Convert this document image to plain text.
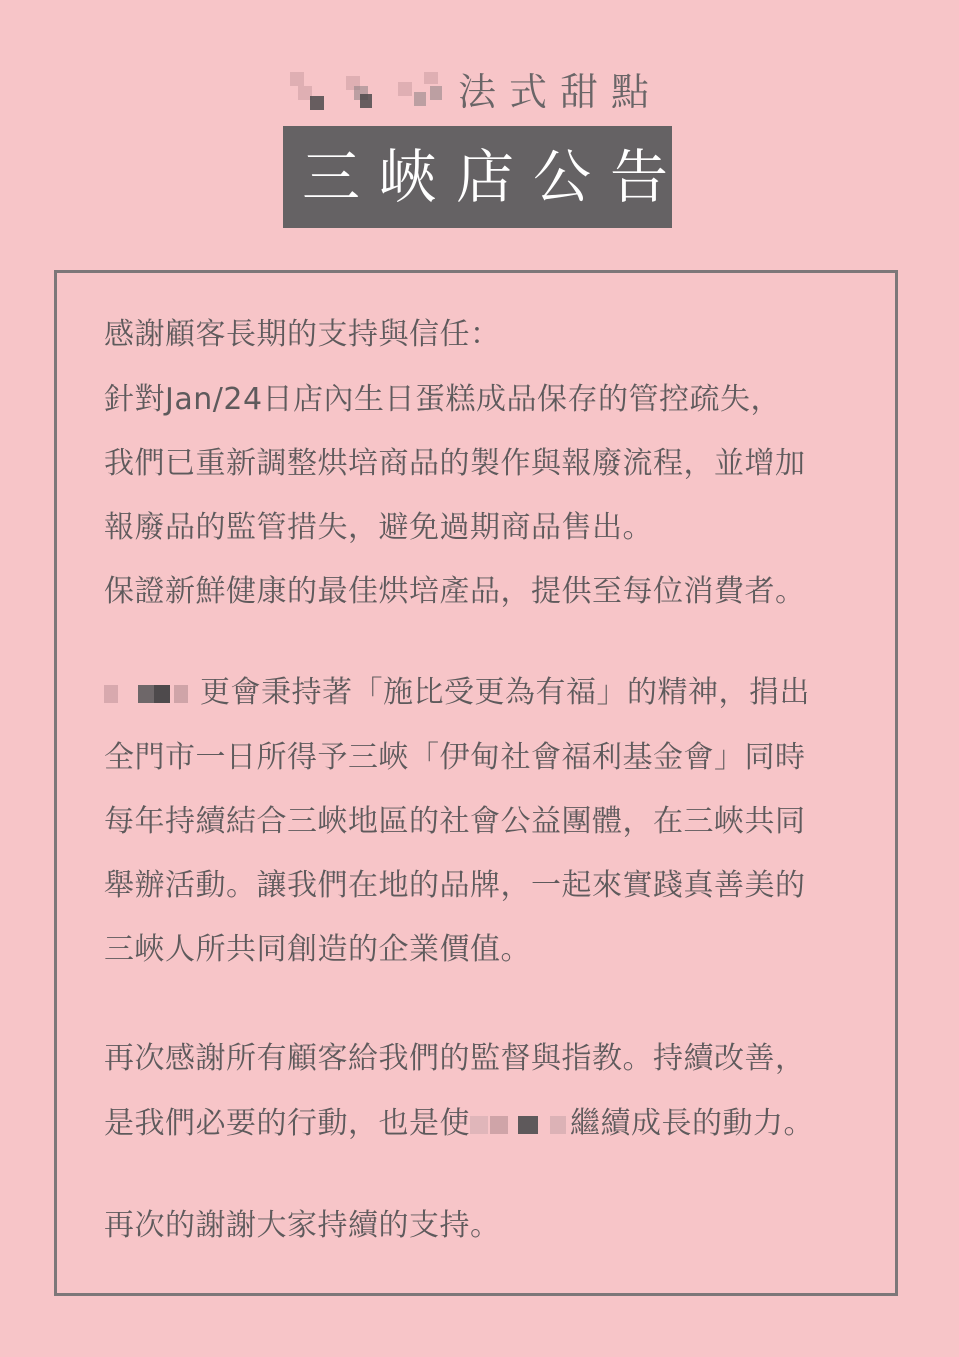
法式甜點
三峽店公告
感謝顧客長期的支持與信任：
針對Jan/24日店內生日蛋糕成品保存的管控疏失，
我們已重新調整烘培商品的製作與報廢流程，並增加
報廢品的監管措失，避免過期商品售出。
保證新鮮健康的最佳烘培產品，提供至每位消費者。
更會秉持著「施比受更為有福」的精神，捐出
全門市一日所得予三峽「伊甸社會福利基金會」同時
每年持續結合三峽地區的社會公益團體，在三峽共同
舉辦活動。讓我們在地的品牌，一起來實踐真善美的
三峽人所共同創造的企業價值。
再次感謝所有顧客給我們的監督與指教。持續改善，
是我們必要的行動，也是使	繼續成長的動力。
再次的謝謝大家持續的支持。
